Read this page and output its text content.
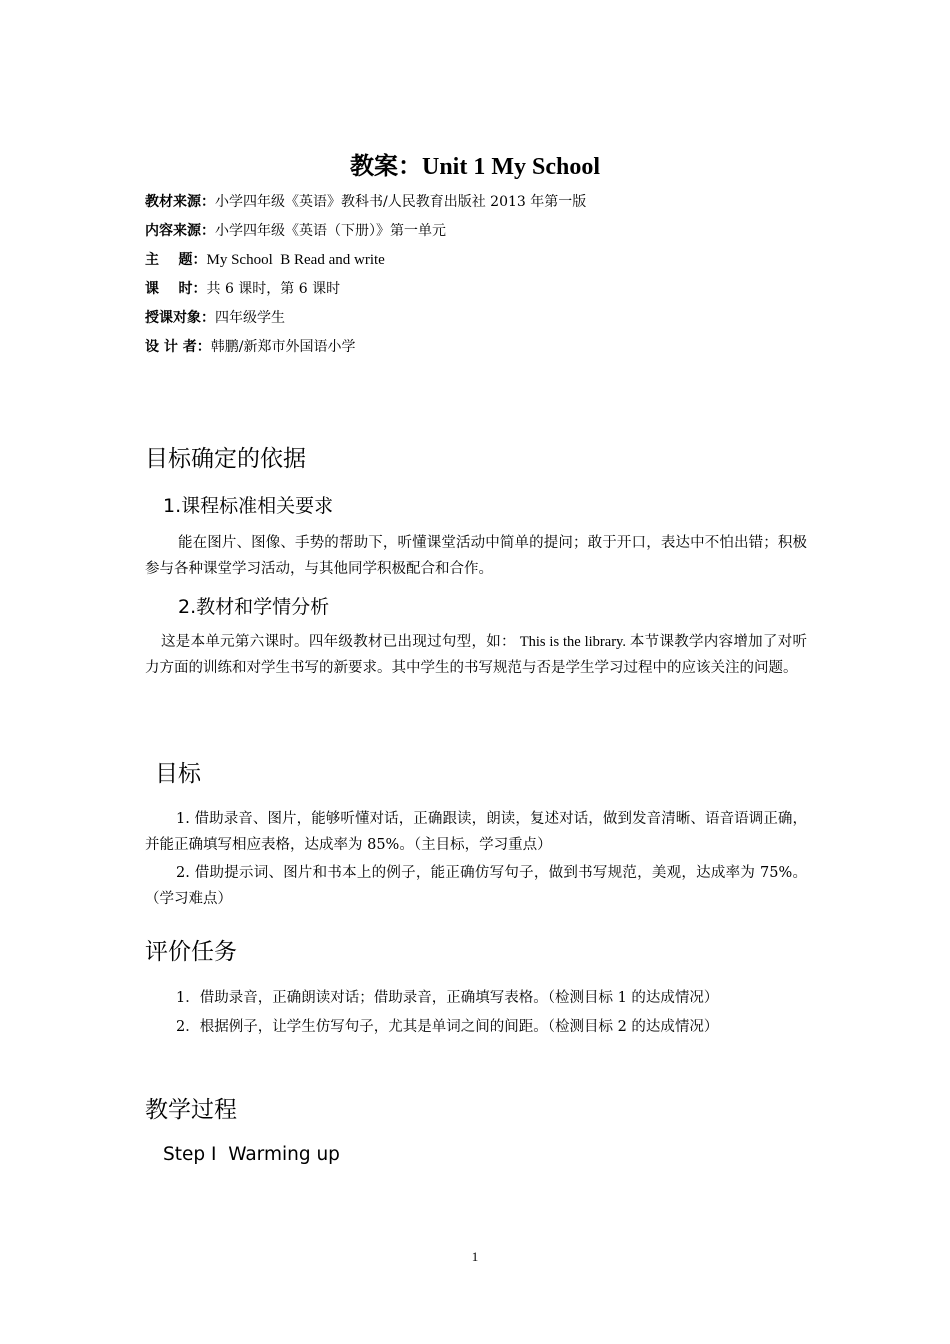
教案：Unit 1 My School
教材来源：小学四年级《英语》教科书/人民教育出版社 2013 年第一版
内容来源：小学四年级《英语（下册）》第一单元
主    题：My School  B Read and write
课    时：共 6 课时，第 6 课时
授课对象：四年级学生
设 计 者：韩鹏/新郑市外国语小学
目标确定的依据
1.课程标准相关要求
能在图片、图像、手势的帮助下，听懂课堂活动中简单的提问；敢于开口，表达中不怕出错；积极参与各种课堂学习活动，与其他同学积极配合和合作。
2.教材和学情分析
这是本单元第六课时。四年级教材已出现过句型，如： This is the library. 本节课教学内容增加了对听力方面的训练和对学生书写的新要求。其中学生的书写规范与否是学生学习过程中的应该关注的问题。
目标
1. 借助录音、图片，能够听懂对话，正确跟读，朗读，复述对话，做到发音清晰、语音语调正确，并能正确填写相应表格，达成率为 85%。（主目标，学习重点）
2. 借助提示词、图片和书本上的例子，能正确仿写句子，做到书写规范，美观，达成率为 75%。（学习难点）
评价任务
1．借助录音，正确朗读对话；借助录音，正确填写表格。（检测目标 1 的达成情况）
2．根据例子，让学生仿写句子，尤其是单词之间的间距。（检测目标 2 的达成情况）
教学过程
Step I  Warming up
1
